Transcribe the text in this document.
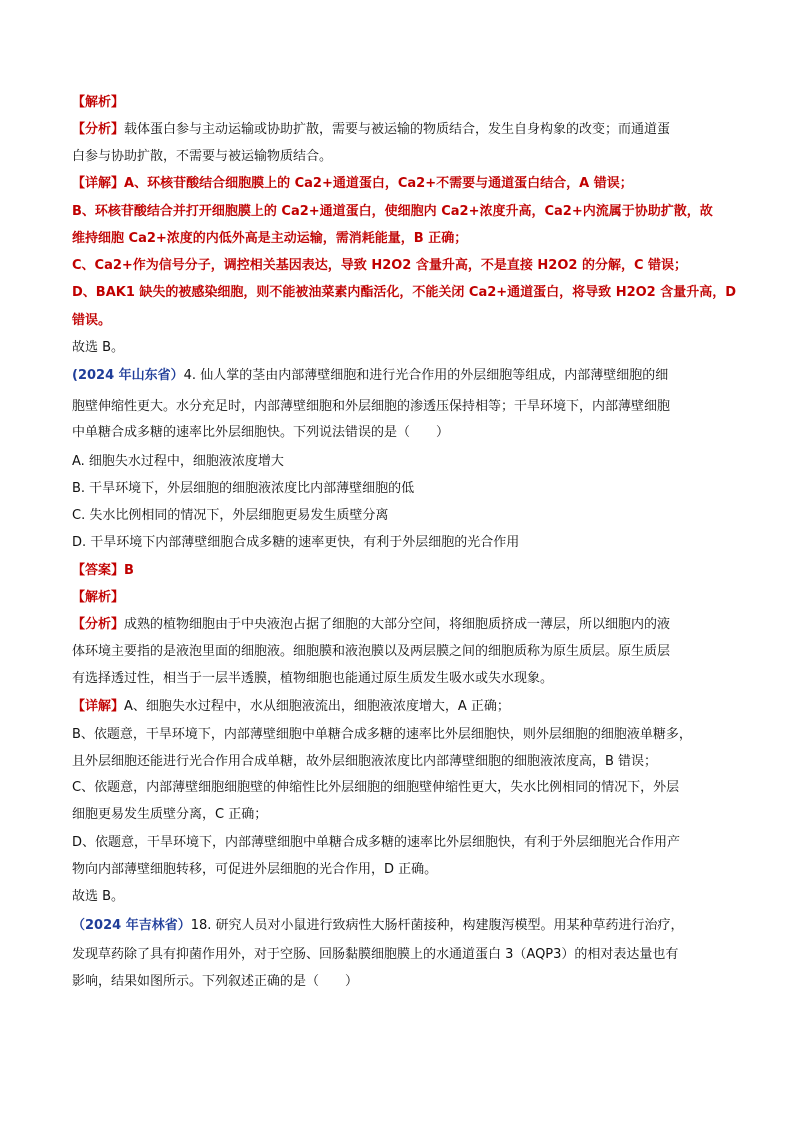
【解析】
【分析】载体蛋白参与主动运输或协助扩散，需要与被运输的物质结合，发生自身构象的改变；而通道蛋
白参与协助扩散，不需要与被运输物质结合。
【详解】A、环核苷酸结合细胞膜上的 Ca2+通道蛋白，Ca2+不需要与通道蛋白结合，A 错误；
B、环核苷酸结合并打开细胞膜上的 Ca2+通道蛋白，使细胞内 Ca2+浓度升高，Ca2+内流属于协助扩散，故
维持细胞 Ca2+浓度的内低外高是主动运输，需消耗能量，B 正确；
C、Ca2+作为信号分子，调控相关基因表达，导致 H2O2 含量升高，不是直接 H2O2 的分解，C 错误；
D、BAK1 缺失的被感染细胞，则不能被油菜素内酯活化，不能关闭 Ca2+通道蛋白，将导致 H2O2 含量升高，D
错误。
故选 B。
(2024 年山东省）4. 仙人掌的茎由内部薄壁细胞和进行光合作用的外层细胞等组成，内部薄壁细胞的细
胞壁伸缩性更大。水分充足时，内部薄壁细胞和外层细胞的渗透压保持相等；干旱环境下，内部薄壁细胞
中单糖合成多糖的速率比外层细胞快。下列说法错误的是（　　）
A. 细胞失水过程中，细胞液浓度增大
B. 干旱环境下，外层细胞的细胞液浓度比内部薄壁细胞的低
C. 失水比例相同的情况下，外层细胞更易发生质壁分离
D. 干旱环境下内部薄壁细胞合成多糖的速率更快，有利于外层细胞的光合作用
【答案】B
【解析】
【分析】成熟的植物细胞由于中央液泡占据了细胞的大部分空间，将细胞质挤成一薄层，所以细胞内的液
体环境主要指的是液泡里面的细胞液。细胞膜和液泡膜以及两层膜之间的细胞质称为原生质层。原生质层
有选择透过性，相当于一层半透膜，植物细胞也能通过原生质发生吸水或失水现象。
【详解】A、细胞失水过程中，水从细胞液流出，细胞液浓度增大，A 正确；
B、依题意，干旱环境下，内部薄壁细胞中单糖合成多糖的速率比外层细胞快，则外层细胞的细胞液单糖多，
且外层细胞还能进行光合作用合成单糖，故外层细胞液浓度比内部薄壁细胞的细胞液浓度高，B 错误；
C、依题意，内部薄壁细胞细胞壁的伸缩性比外层细胞的细胞壁伸缩性更大，失水比例相同的情况下，外层
细胞更易发生质壁分离，C 正确；
D、依题意，干旱环境下，内部薄壁细胞中单糖合成多糖的速率比外层细胞快，有利于外层细胞光合作用产
物向内部薄壁细胞转移，可促进外层细胞的光合作用，D 正确。
故选 B。
（2024 年吉林省）18. 研究人员对小鼠进行致病性大肠杆菌接种，构建腹泻模型。用某种草药进行治疗，
发现草药除了具有抑菌作用外，对于空肠、回肠黏膜细胞膜上的水通道蛋白 3（AQP3）的相对表达量也有
影响，结果如图所示。下列叙述正确的是（　　）
